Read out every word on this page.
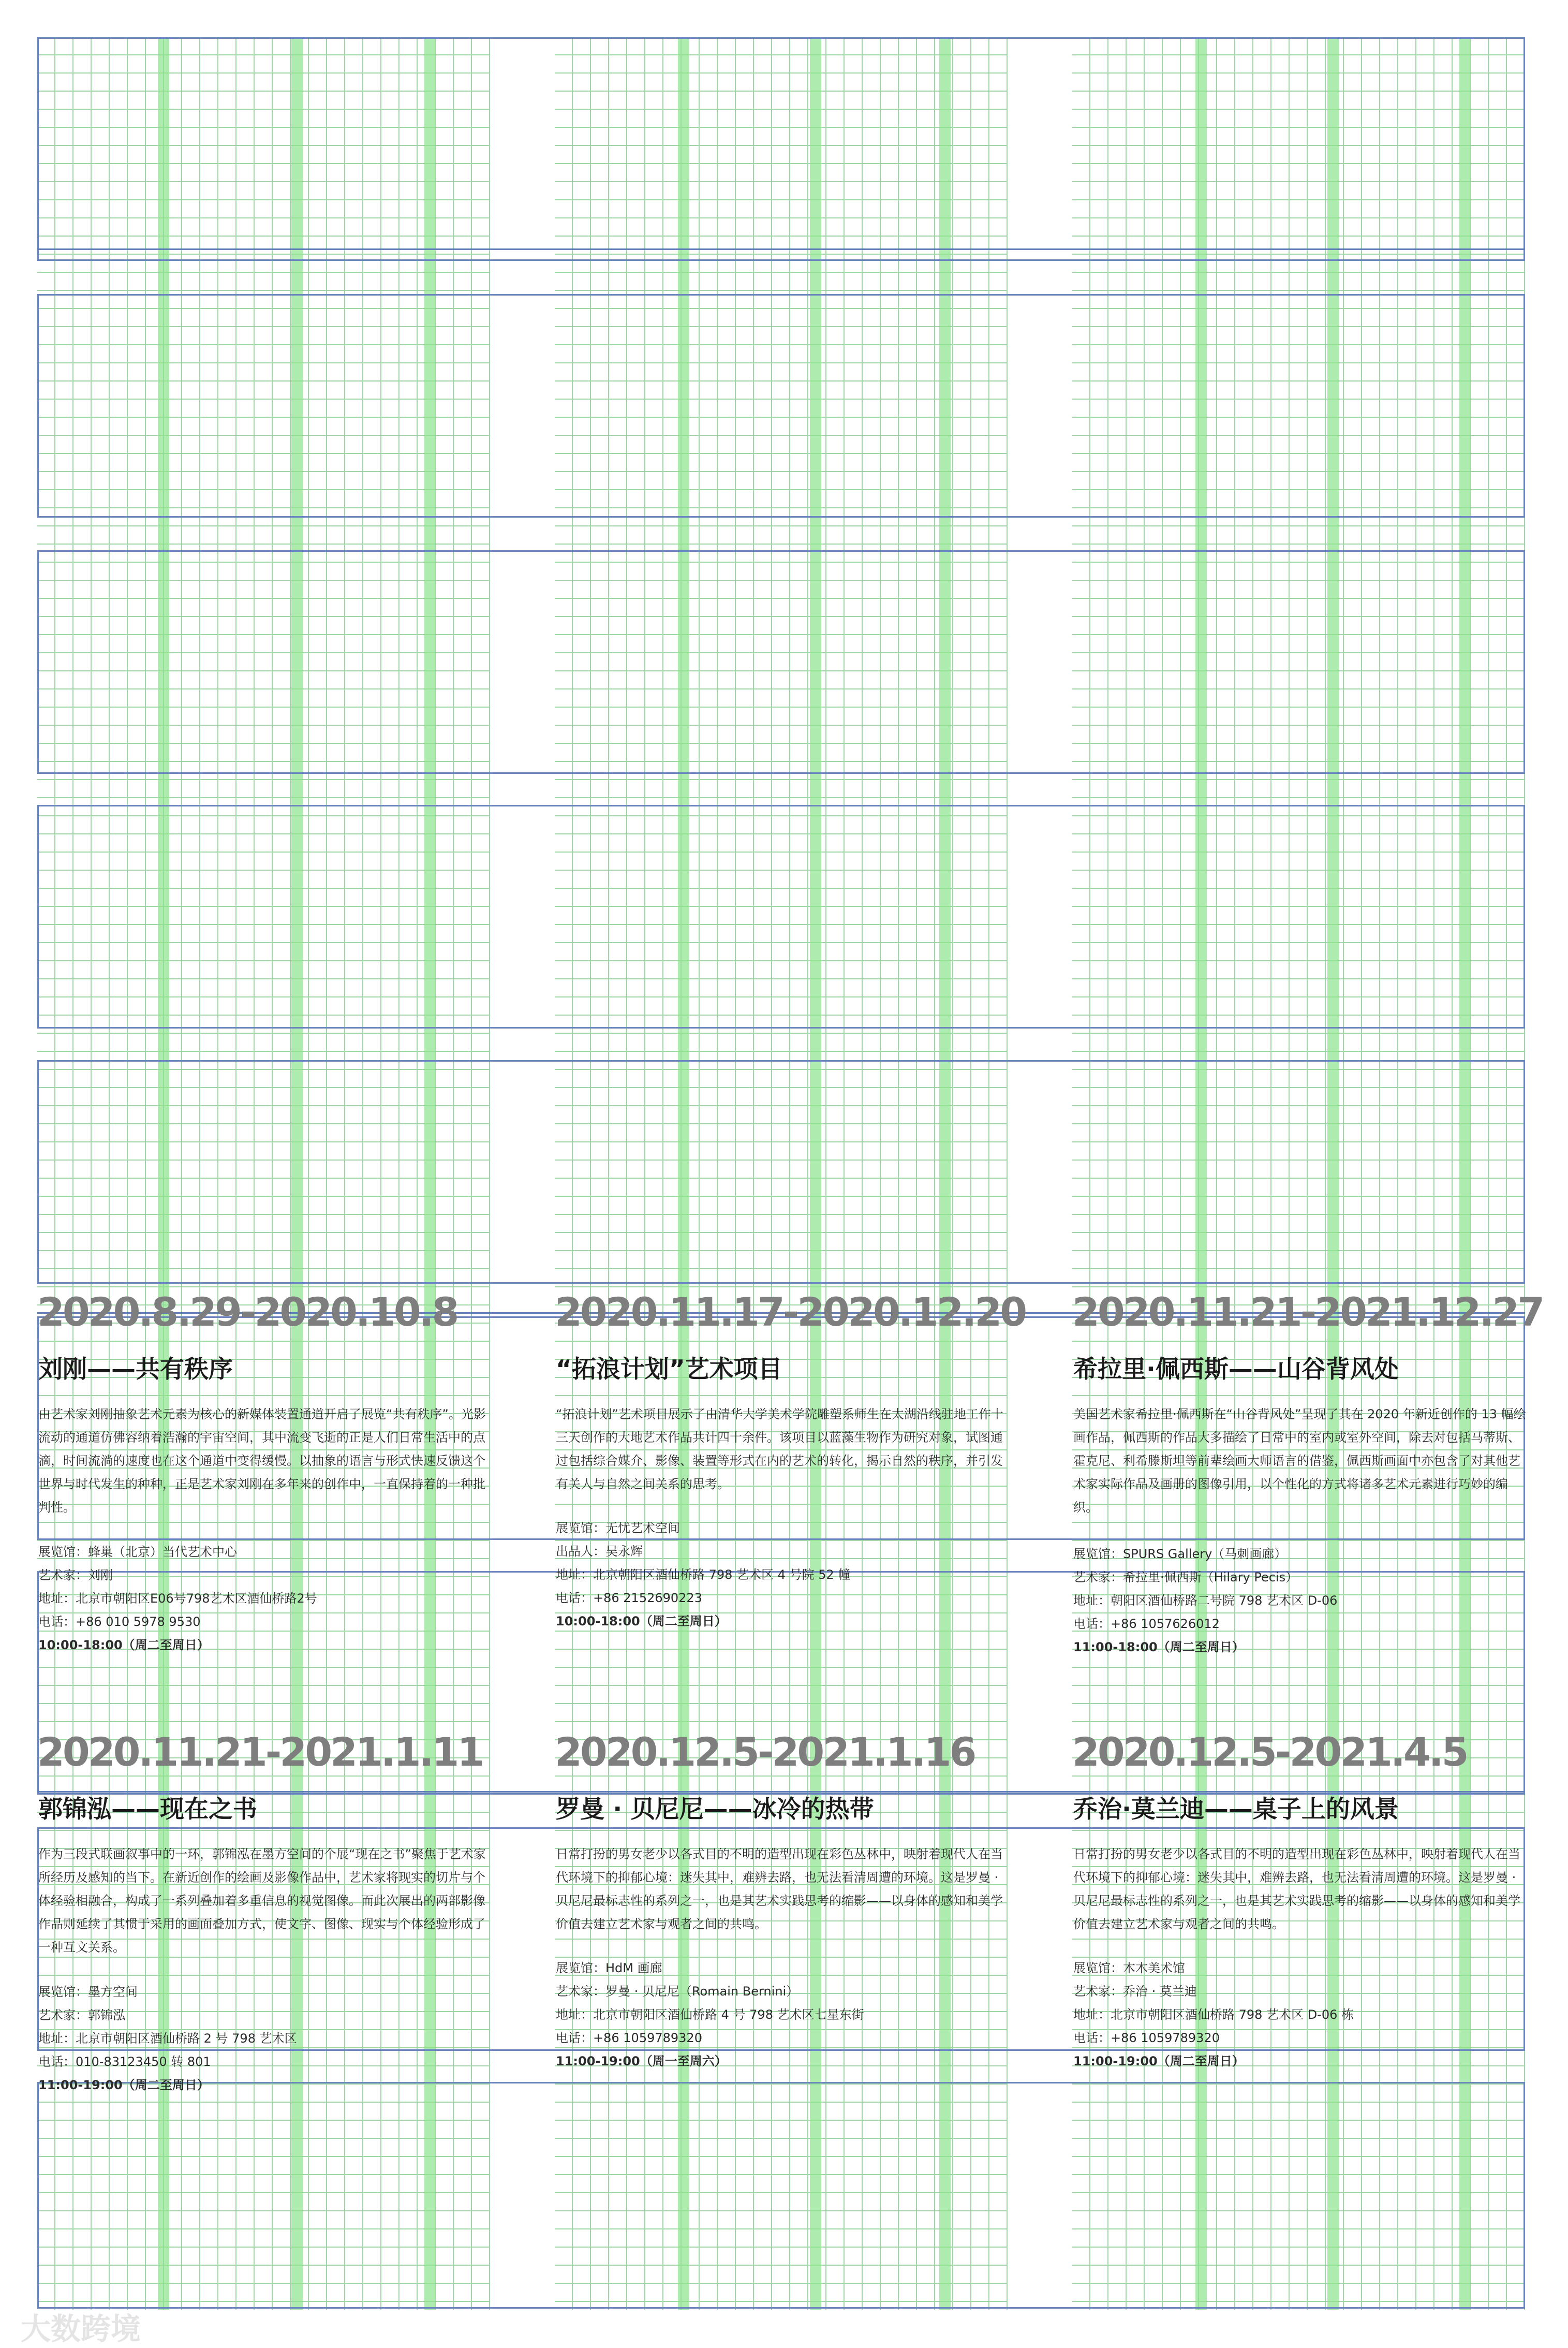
2020.8.29-2020.10.8
刘刚——共有秩序

由艺术家刘刚抽象艺术元素为核心的新媒体装置通道开启了展览“共有秩序”。光影流动的通道仿佛容纳着浩瀚的宇宙空间，其中流变飞逝的正是人们日常生活中的点滴，时间流淌的速度也在这个通道中变得缓慢。以抽象的语言与形式快速反馈这个世界与时代发生的种种，正是艺术家刘刚在多年来的创作中，一直保持着的一种批判性。

展览馆：蜂巢（北京）当代艺术中心
艺术家：刘刚
地址：北京市朝阳区E06号798艺术区酒仙桥路2号
电话：+86 010 5978 9530
10:00-18:00（周二至周日）
2020.11.17-2020.12.20
“拓浪计划”艺术项目

“拓浪计划”艺术项目展示了由清华大学美术学院雕塑系师生在太湖沿线驻地工作十三天创作的大地艺术作品共计四十余件。该项目以蓝藻生物作为研究对象，试图通过包括综合媒介、影像、装置等形式在内的艺术的转化，揭示自然的秩序，并引发有关人与自然之间关系的思考。

展览馆：无忧艺术空间
出品人：吴永辉
地址：北京朝阳区酒仙桥路 798 艺术区 4 号院 52 幢
电话：+86 2152690223
10:00-18:00（周二至周日）
2020.11.21-2021.12.27
希拉里·佩西斯——山谷背风处

美国艺术家希拉里·佩西斯在“山谷背风处”呈现了其在 2020 年新近创作的 13 幅绘画作品，佩西斯的作品大多描绘了日常中的室内或室外空间，除去对包括马蒂斯、霍克尼、利希滕斯坦等前辈绘画大师语言的借鉴，佩西斯画面中亦包含了对其他艺术家实际作品及画册的图像引用，以个性化的方式将诸多艺术元素进行巧妙的编织。

展览馆：SPURS Gallery（马刺画廊）
艺术家：希拉里·佩西斯（Hilary Pecis）
地址：朝阳区酒仙桥路二号院 798 艺术区 D-06
电话：+86 1057626012
11:00-18:00（周二至周日）
2020.11.21-2021.1.11
郭锦泓——现在之书

作为三段式联画叙事中的一环，郭锦泓在墨方空间的个展“现在之书”聚焦于艺术家所经历及感知的当下。在新近创作的绘画及影像作品中，艺术家将现实的切片与个体经验相融合，构成了一系列叠加着多重信息的视觉图像。而此次展出的两部影像作品则延续了其惯于采用的画面叠加方式，使文字、图像、现实与个体经验形成了一种互文关系。

展览馆：墨方空间
艺术家：郭锦泓
地址：北京市朝阳区酒仙桥路 2 号 798 艺术区
电话：010-83123450 转 801
11:00-19:00（周二至周日）
2020.12.5-2021.1.16
罗曼 · 贝尼尼——冰冷的热带

日常打扮的男女老少以各式目的不明的造型出现在彩色丛林中，映射着现代人在当代环境下的抑郁心境：迷失其中，难辨去路，也无法看清周遭的环境。这是罗曼 · 贝尼尼最标志性的系列之一，也是其艺术实践思考的缩影——以身体的感知和美学价值去建立艺术家与观者之间的共鸣。

展览馆：HdM 画廊
艺术家：罗曼 · 贝尼尼（Romain Bernini）
地址：北京市朝阳区酒仙桥路 4 号 798 艺术区七星东街
电话：+86 1059789320
11:00-19:00（周一至周六）
2020.12.5-2021.4.5
乔治·莫兰迪——桌子上的风景

日常打扮的男女老少以各式目的不明的造型出现在彩色丛林中，映射着现代人在当代环境下的抑郁心境：迷失其中，难辨去路，也无法看清周遭的环境。这是罗曼 · 贝尼尼最标志性的系列之一，也是其艺术实践思考的缩影——以身体的感知和美学价值去建立艺术家与观者之间的共鸣。

展览馆：木木美术馆
艺术家：乔治 · 莫兰迪
地址：北京市朝阳区酒仙桥路 798 艺术区 D-06 栋
电话：+86 1059789320
11:00-19:00（周二至周日）
大数跨境
